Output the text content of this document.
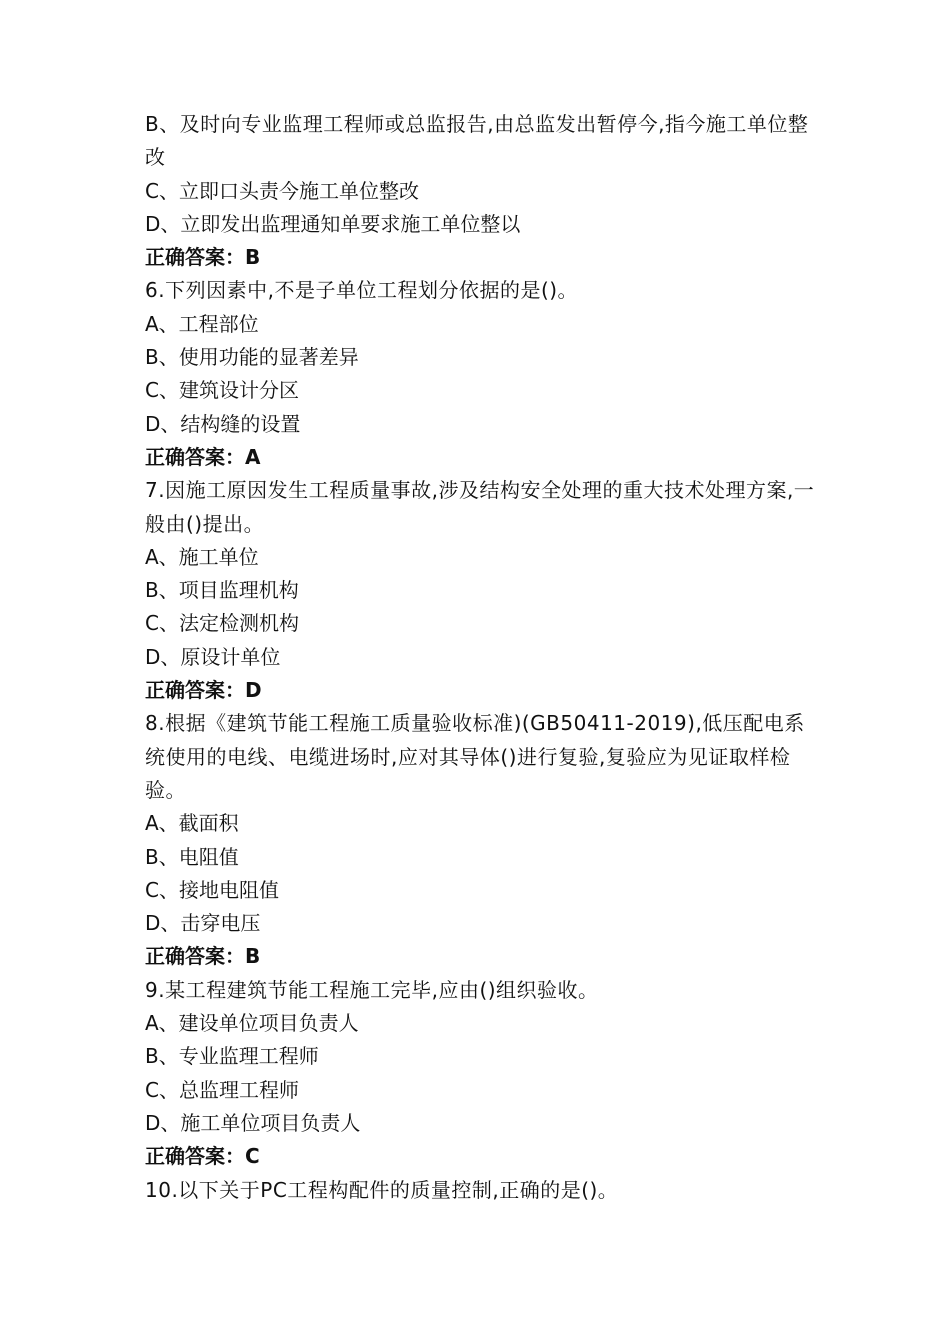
B、及时向专业监理工程师或总监报告,由总监发出暂停今,指今施工单位整改
C、立即口头责今施工单位整改
D、立即发出监理通知单要求施工单位整以
正确答案：B
6.下列因素中,不是子单位工程划分依据的是()。
A、工程部位
B、使用功能的显著差异
C、建筑设计分区
D、结构缝的设置
正确答案：A
7.因施工原因发生工程质量事故,涉及结构安全处理的重大技术处理方案,一般由()提出。
A、施工单位
B、项目监理机构
C、法定检测机构
D、原设计单位
正确答案：D
8.根据《建筑节能工程施工质量验收标准)(GB50411-2019),低压配电系统使用的电线、电缆进场时,应对其导体()进行复验,复验应为见证取样检验。
A、截面积
B、电阻值
C、接地电阻值
D、击穿电压
正确答案：B
9.某工程建筑节能工程施工完毕,应由()组织验收。
A、建设单位项目负责人
B、专业监理工程师
C、总监理工程师
D、施工单位项目负责人
正确答案：C
10.以下关于PC工程构配件的质量控制,正确的是()。
